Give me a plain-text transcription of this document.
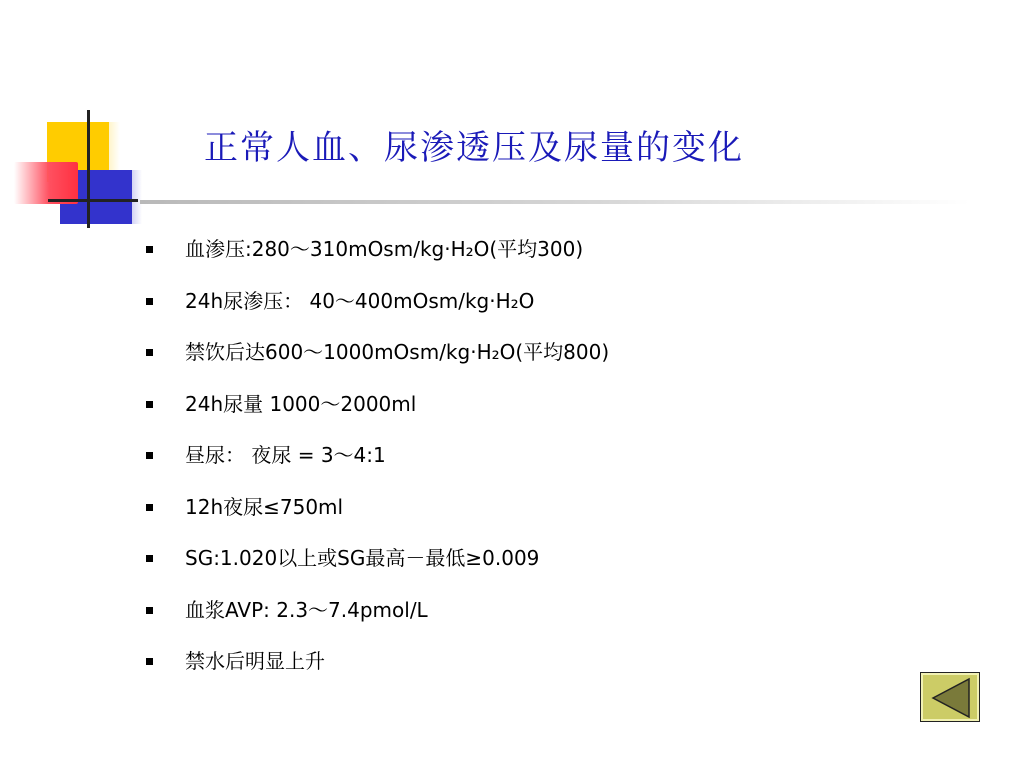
正常人血、尿渗透压及尿量的变化
血渗压:280～310mOsm/kg·H₂O(平均300)
24h尿渗压： 40～400mOsm/kg·H₂O
禁饮后达600～1000mOsm/kg·H₂O(平均800)
24h尿量 1000～2000ml
昼尿： 夜尿 = 3～4:1
12h夜尿≤750ml
SG:1.020以上或SG最高－最低≥0.009
血浆AVP: 2.3～7.4pmol/L
禁水后明显上升
